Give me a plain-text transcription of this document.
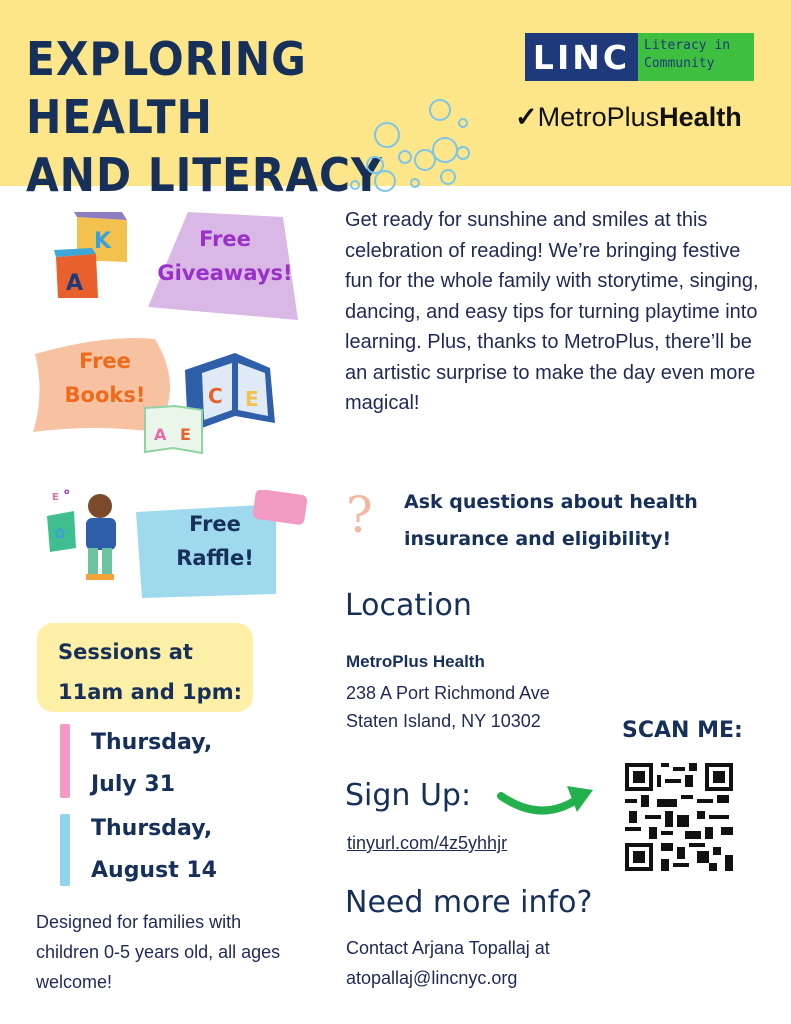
EXPLORING HEALTH
AND LITERACY
LINC	Literacy in
Community
✓MetroPlusHealth
Get ready for sunshine and smiles at this celebration of reading! We’re bringing festive fun for the whole family with storytime, singing, dancing, and easy tips for turning playtime into learning. Plus, thanks to MetroPlus, there’ll be an artistic surprise to make the day even more magical!
K
A
Free
Giveaways!
Free
Books!	C E
A E
✿
E
o
Free
Raffle!
? Ask questions about health
insurance and eligibility!
Location
MetroPlus Health
238 A Port Richmond Ave
Staten Island, NY 10302	SCAN ME:
Sign Up:
tinyurl.com/4z5yhhjr
Need more info?
Contact Arjana Topallaj at
atopallaj@lincnyc.org
Sessions at
11am and 1pm:
Thursday,
July 31
Thursday,
August 14
Designed for families with children 0-5 years old, all ages welcome!
